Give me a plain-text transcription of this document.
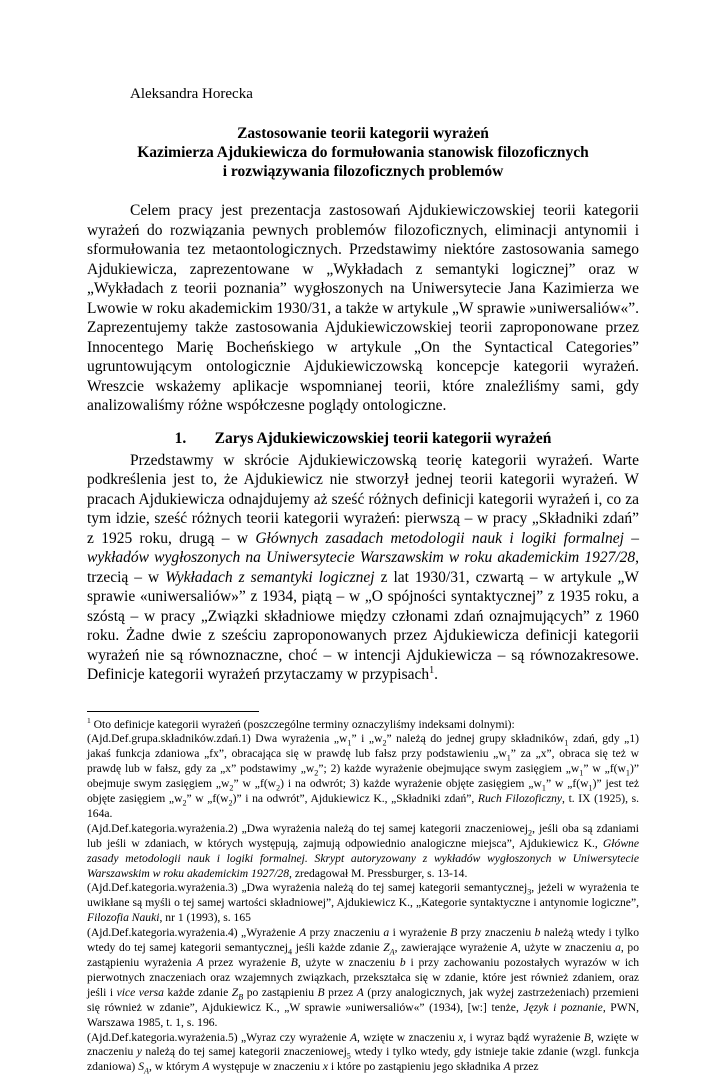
Aleksandra Horecka
Zastosowanie teorii kategorii wyrażeń
Kazimierza Ajdukiewicza do formułowania stanowisk filozoficznych
i rozwiązywania filozoficznych problemów

Celem pracy jest prezentacja zastosowań Ajdukiewiczowskiej teorii kategorii wyrażeń do rozwiązania pewnych problemów filozoficznych, eliminacji antynomii i sformułowania tez metaontologicznych. Przedstawimy niektóre zastosowania samego Ajdukiewicza, zaprezentowane w „Wykładach z semantyki logicznej” oraz w „Wykładach z teorii poznania” wygłoszonych na Uniwersytecie Jana Kazimierza we Lwowie w roku akademickim 1930/31, a także w artykule „W sprawie »uniwersaliów«”. Zaprezentujemy także zastosowania Ajdukiewiczowskiej teorii zaproponowane przez Innocentego Marię Bocheńskiego w artykule „On the Syntactical Categories” ugruntowującym ontologicznie Ajdukiewiczowską koncepcje kategorii wyrażeń. Wreszcie wskażemy aplikacje wspomnianej teorii, które znaleźliśmy sami, gdy analizowaliśmy różne współczesne poglądy ontologiczne.

1. Zarys Ajdukiewiczowskiej teorii kategorii wyrażeń

Przedstawmy w skrócie Ajdukiewiczowską teorię kategorii wyrażeń. Warte podkreślenia jest to, że Ajdukiewicz nie stworzył jednej teorii kategorii wyrażeń. W pracach Ajdukiewicza odnajdujemy aż sześć różnych definicji kategorii wyrażeń i, co za tym idzie, sześć różnych teorii kategorii wyrażeń: pierwszą – w pracy „Składniki zdań” z 1925 roku, drugą – w Głównych zasadach metodologii nauk i logiki formalnej – wykładów wygłoszonych na Uniwersytecie Warszawskim w roku akademickim 1927/28, trzecią – w Wykładach z semantyki logicznej z lat 1930/31, czwartą – w artykule „W sprawie «uniwersaliów»” z 1934, piątą – w „O spójności syntaktycznej” z 1935 roku, a szóstą – w pracy „Związki składniowe między członami zdań oznajmujących” z 1960 roku. Żadne dwie z sześciu zaproponowanych przez Ajdukiewicza definicji kategorii wyrażeń nie są równoznaczne, choć – w intencji Ajdukiewicza – są równozakresowe. Definicje kategorii wyrażeń przytaczamy w przypisach$^1$.

$^1$ Oto definicje kategorii wyrażeń (poszczególne terminy oznaczyliśmy indeksami dolnymi):

(Ajd.Def.grupa.składników.zdań.1) Dwa wyrażenia $„w_1$” i $„w_2$” należą do jednej grupy składników$_1$ zdań, gdy „1) jakaś funkcja zdaniowa „fx”, obracająca się w prawdę lub fałsz przy podstawieniu $„w_1$” za „x”, obraca się też w prawdę lub w fałsz, gdy za „x” podstawimy $„w_2$”; 2) każde wyrażenie obejmujące swym zasięgiem $„w_1$” w $„f(w_1)$” obejmuje swym zasięgiem $„w_2$” w $„f(w_2)$ i na odwrót; 3) każde wyrażenie objęte zasięgiem $„w_1$” w $„f(w_1)$” jest też objęte zasięgiem $„w_2$” w $„f(w_2)$” i na odwrót”, Ajdukiewicz K., „Składniki zdań”, Ruch Filozoficzny, t. IX (1925), s. 164a.

(Ajd.Def.kategoria.wyrażenia.2) „Dwa wyrażenia należą do tej samej kategorii znaczeniowej$_2$, jeśli oba są zdaniami lub jeśli w zdaniach, w których występują, zajmują odpowiednio analogiczne miejsca”, Ajdukiewicz K., Główne zasady metodologii nauk i logiki formalnej. Skrypt autoryzowany z wykładów wygłoszonych w Uniwersytecie Warszawskim w roku akademickim 1927/28, zredagował M. Pressburger, s. 13-14.

(Ajd.Def.kategoria.wyrażenia.3) „Dwa wyrażenia należą do tej samej kategorii semantycznej$_3$, jeżeli w wyrażenia te uwikłane są myśli o tej samej wartości składniowej”, Ajdukiewicz K., „Kategorie syntaktyczne i antynomie logiczne”, Filozofia Nauki, nr 1 (1993), s. 165

(Ajd.Def.kategoria.wyrażenia.4) „Wyrażenie A przy znaczeniu a i wyrażenie B przy znaczeniu b należą wtedy i tylko wtedy do tej samej kategorii semantycznej$_4$ jeśli każde zdanie $Z_A$, zawierające wyrażenie A, użyte w znaczeniu a, po zastąpieniu wyrażenia A przez wyrażenie B, użyte w znaczeniu b i przy zachowaniu pozostałych wyrazów w ich pierwotnych znaczeniach oraz wzajemnych związkach, przekształca się w zdanie, które jest również zdaniem, oraz jeśli i vice versa każde zdanie $Z_B$ po zastąpieniu B przez A (przy analogicznych, jak wyżej zastrzeżeniach) przemieni się również w zdanie”, Ajdukiewicz K., „W sprawie »uniwersaliów«” (1934), [w:] tenże, Język i poznanie, PWN, Warszawa 1985, t. 1, s. 196.

(Ajd.Def.kategoria.wyrażenia.5) „Wyraz czy wyrażenie A, wzięte w znaczeniu x, i wyraz bądź wyrażenie B, wzięte w znaczeniu y należą do tej samej kategorii znaczeniowej$_5$ wtedy i tylko wtedy, gdy istnieje takie zdanie (wzgl. funkcja zdaniowa) $S_A$, w którym A występuje w znaczeniu x i które po zastąpieniu jego składnika A przez
